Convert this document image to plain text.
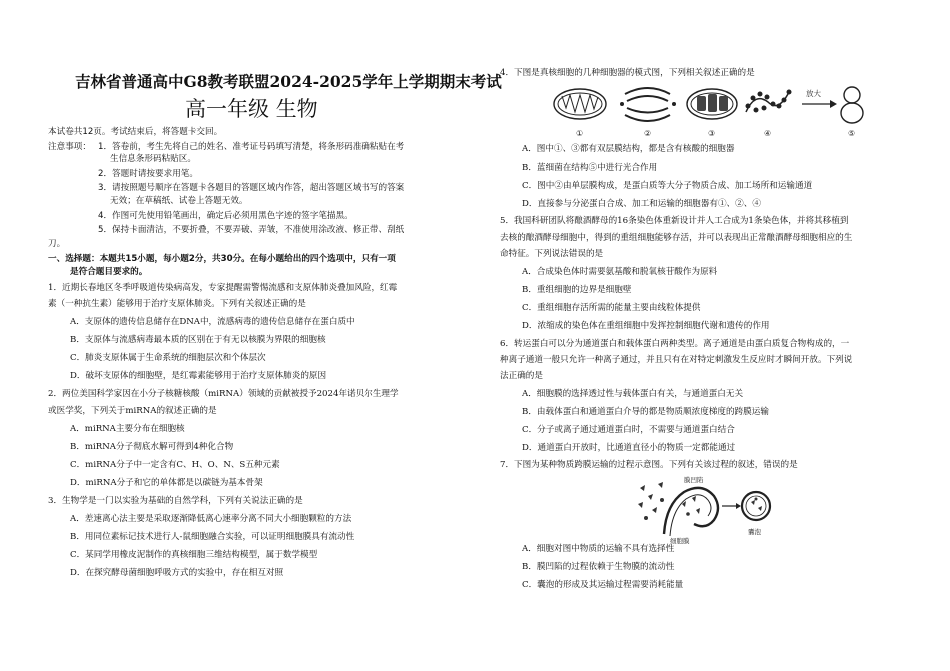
吉林省普通高中G8教考联盟2024-2025学年上学期期末考试
高一年级 生物
本试卷共12页。考试结束后，将答题卡交回。
注意事项： 1．答卷前，考生先将自己的姓名、准考证号码填写清楚，将条形码准确粘贴在考
生信息条形码粘贴区。
2．答题时请按要求用笔。
3．请按照题号顺序在答题卡各题目的答题区域内作答，超出答题区域书写的答案
无效；在草稿纸、试卷上答题无效。
4．作图可先使用铅笔画出，确定后必须用黑色字迹的签字笔描黑。
5．保持卡面清洁，不要折叠，不要弄破、弄皱，不准使用涂改液、修正带、刮纸
刀。
一、选择题：本题共15小题，每小题2分，共30分。在每小题给出的四个选项中，只有一项
是符合题目要求的。
1．近期长春地区冬季呼吸道传染病高发，专家提醒需警惕流感和支原体肺炎叠加风险，红霉
素（一种抗生素）能够用于治疗支原体肺炎。下列有关叙述正确的是
A．支原体的遗传信息储存在DNA中，流感病毒的遗传信息储存在蛋白质中
B．支原体与流感病毒最本质的区别在于有无以核膜为界限的细胞核
C．肺炎支原体属于生命系统的细胞层次和个体层次
D．破坏支原体的细胞壁，是红霉素能够用于治疗支原体肺炎的原因
2．两位美国科学家因在小分子核糖核酸（miRNA）领域的贡献被授予2024年诺贝尔生理学
或医学奖，下列关于miRNA的叙述正确的是
A．miRNA主要分布在细胞核
B．miRNA分子彻底水解可得到4种化合物
C．miRNA分子中一定含有C、H、O、N、S五种元素
D．miRNA分子和它的单体都是以碳链为基本骨架
3．生物学是一门以实验为基础的自然学科，下列有关说法正确的是
A．差速离心法主要是采取逐渐降低离心速率分离不同大小细胞颗粒的方法
B．用同位素标记技术进行人-鼠细胞融合实验，可以证明细胞膜具有流动性
C．某同学用橡皮泥制作的真核细胞三维结构模型，属于数学模型
D．在探究酵母菌细胞呼吸方式的实验中，存在相互对照
4．下图是真核细胞的几种细胞器的模式图，下列相关叙述正确的是
放大
①	②	③	④	⑤
A．图中①、③都有双层膜结构，都是含有核酸的细胞器
B．蓝细菌在结构⑤中进行光合作用
C．图中②由单层膜构成，是蛋白质等大分子物质合成、加工场所和运输通道
D．直接参与分泌蛋白合成、加工和运输的细胞器有①、②、④
5．我国科研团队将酿酒酵母的16条染色体重新设计并人工合成为1条染色体，并将其移植到
去核的酿酒酵母细胞中，得到的重组细胞能够存活，并可以表现出正常酿酒酵母细胞相应的生
命特征。下列说法错误的是
A．合成染色体时需要氨基酸和脱氧核苷酸作为原料
B．重组细胞的边界是细胞壁
C．重组细胞存活所需的能量主要由线粒体提供
D．浓缩成的染色体在重组细胞中发挥控制细胞代谢和遗传的作用
6．转运蛋白可以分为通道蛋白和载体蛋白两种类型。离子通道是由蛋白质复合物构成的，一
种离子通道一般只允许一种离子通过，并且只有在对特定刺激发生反应时才瞬间开放。下列说
法正确的是
A．细胞膜的选择透过性与载体蛋白有关，与通道蛋白无关
B．由载体蛋白和通道蛋白介导的都是物质顺浓度梯度的跨膜运输
C．分子或离子通过通道蛋白时，不需要与通道蛋白结合
D．通道蛋白开放时，比通道直径小的物质一定都能通过
7．下图为某种物质跨膜运输的过程示意图。下列有关该过程的叙述，错误的是
膜凹陷
细胞膜
囊泡
A．细胞对图中物质的运输不具有选择性
B．膜凹陷的过程依赖于生物膜的流动性
C．囊泡的形成及其运输过程需要消耗能量
